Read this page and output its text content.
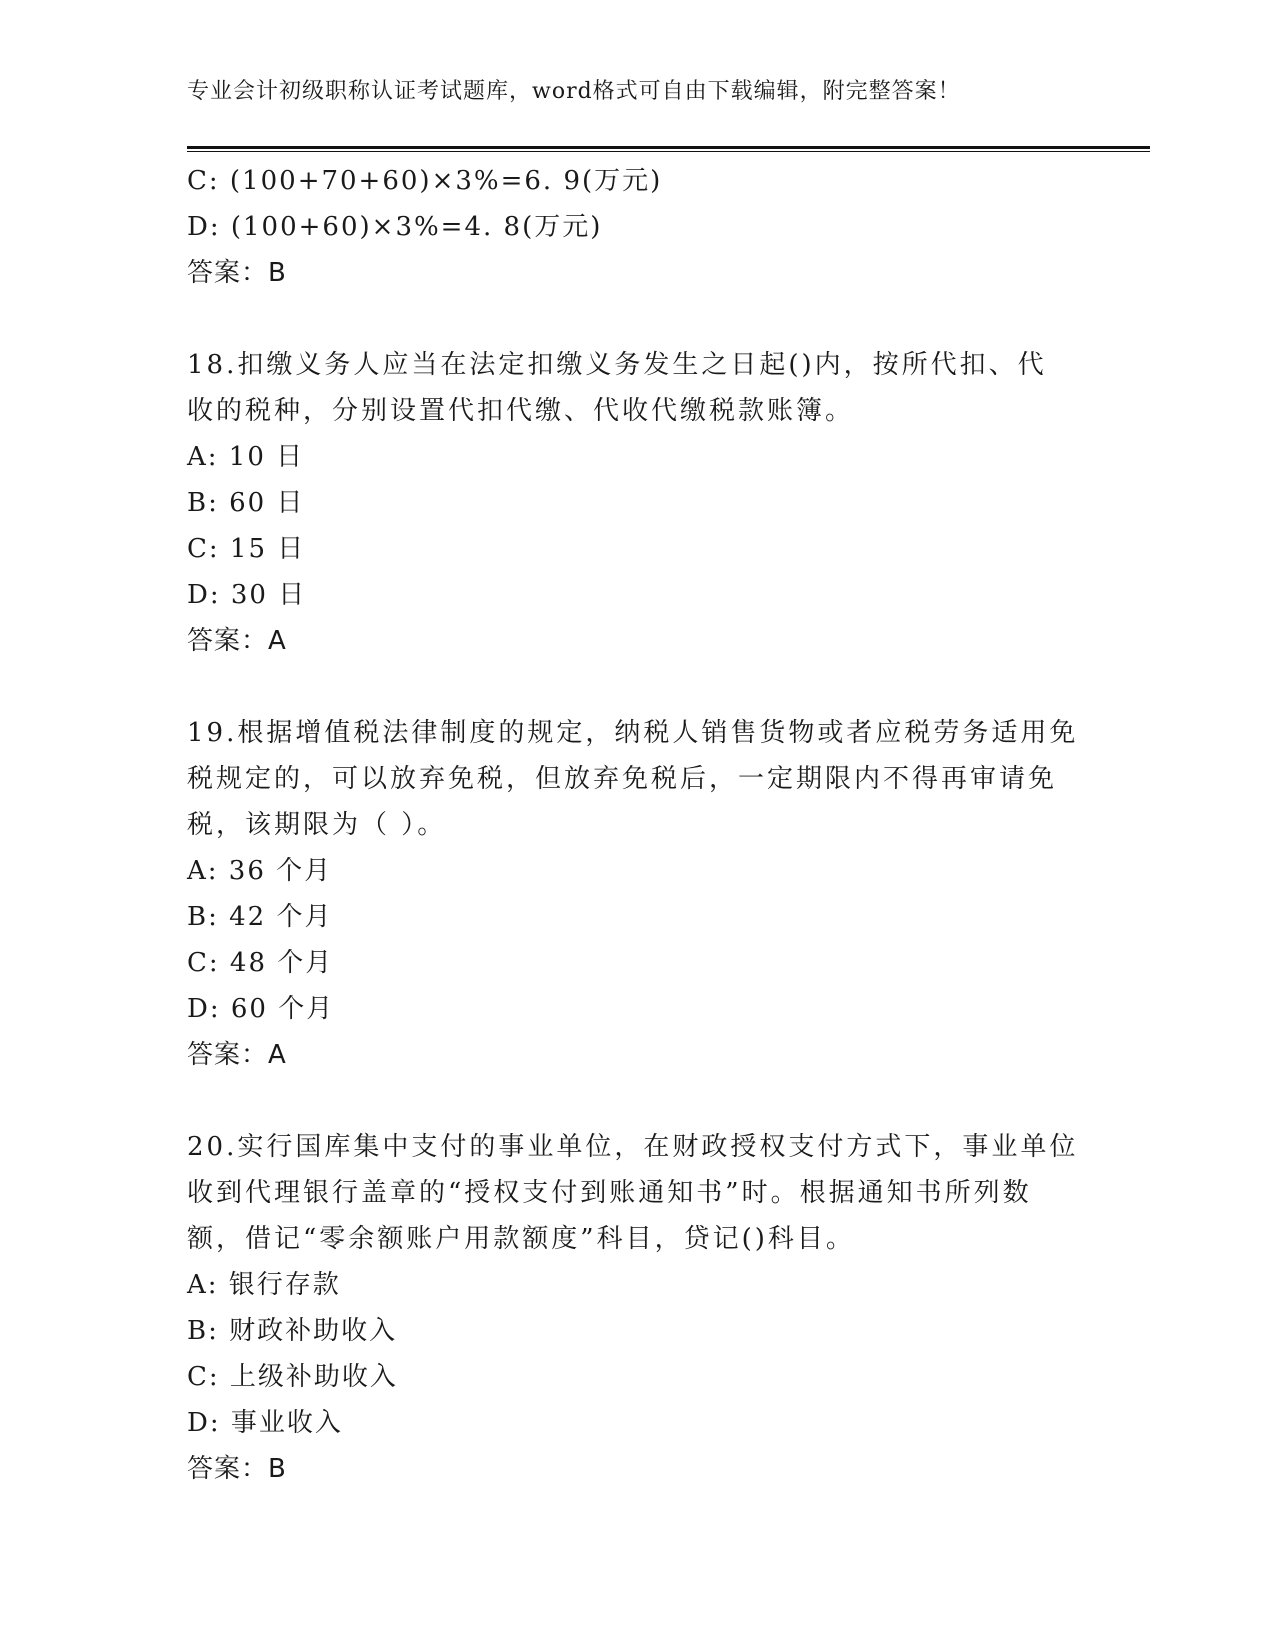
专业会计初级职称认证考试题库，word格式可自由下载编辑，附完整答案！
C: (100+70+60)×3%=6. 9(万元)
D: (100+60)×3%=4. 8(万元)
答案：B
18.扣缴义务人应当在法定扣缴义务发生之日起()内，按所代扣、代
收的税种，分别设置代扣代缴、代收代缴税款账簿。
A: 10 日
B: 60 日
C: 15 日
D: 30 日
答案：A
19.根据增值税法律制度的规定，纳税人销售货物或者应税劳务适用免
税规定的，可以放弃免税，但放弃免税后，一定期限内不得再审请免
税，该期限为（ ）。
A: 36 个月
B: 42 个月
C: 48 个月
D: 60 个月
答案：A
20.实行国库集中支付的事业单位，在财政授权支付方式下，事业单位
收到代理银行盖章的“授权支付到账通知书”时。根据通知书所列数
额，借记“零余额账户用款额度”科目，贷记()科目。
A: 银行存款
B: 财政补助收入
C: 上级补助收入
D: 事业收入
答案：B
